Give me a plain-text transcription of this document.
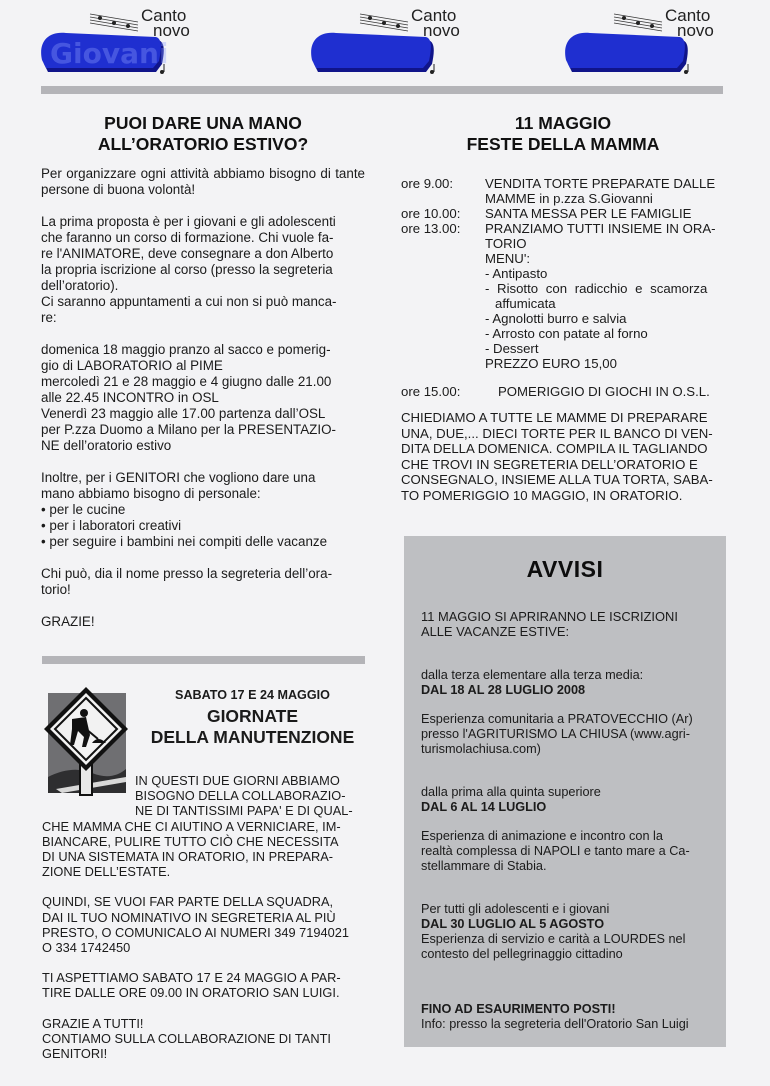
Giovani
Canto
novo
Canto
novo
Canto
novo
PUOI DARE UNA MANO
ALL’ORATORIO ESTIVO?

Per organizzare ogni attività abbiamo bisogno di tante persone di buona volontà!

La prima proposta è per i giovani e gli adolescenti
che faranno un corso di formazione. Chi vuole fa-
re l'ANIMATORE, deve consegnare a don Alberto
la propria iscrizione al corso (presso la segreteria
dell’oratorio).
Ci saranno appuntamenti a cui non si può manca-
re:
domenica 18 maggio pranzo al sacco e pomerig-
gio di LABORATORIO al PIME
mercoledì 21 e 28 maggio e 4 giugno dalle 21.00
alle 22.45 INCONTRO in OSL
Venerdì 23 maggio alle 17.00 partenza dall’OSL
per P.zza Duomo a Milano per la PRESENTAZIO-
NE dell’oratorio estivo
Inoltre, per i GENITORI che vogliono dare una
mano abbiamo bisogno di personale:
• per le cucine
• per i laboratori creativi
• per seguire i bambini nei compiti delle vacanze
Chi può, dia il nome presso la segreteria dell’ora-
torio!
GRAZIE!
11 MAGGIO
FESTE DELLA MAMMA
ore 9.00:	VENDITA TORTE PREPARATE DALLE
MAMME in p.zza S.Giovanni
ore 10.00:	SANTA MESSA PER LE FAMIGLIE
ore 13.00:	PRANZIAMO TUTTI INSIEME IN ORA-
TORIO
MENU':
- Antipasto
- Risotto con radicchio e scamorza
affumicata
- Agnolotti burro e salvia
- Arrosto con patate al forno
- Dessert
PREZZO EURO 15,00
ore 15.00:	POMERIGGIO DI GIOCHI IN O.S.L.
CHIEDIAMO A TUTTE LE MAMME DI PREPARARE
UNA, DUE,... DIECI TORTE PER IL BANCO DI VEN-
DITA DELLA DOMENICA. COMPILA IL TAGLIANDO
CHE TROVI IN SEGRETERIA DELL’ORATORIO E
CONSEGNALO, INSIEME ALLA TUA TORTA, SABA-
TO POMERIGGIO 10 MAGGIO, IN ORATORIO.
SABATO 17 E 24 MAGGIO
GIORNATE
DELLA MANUTENZIONE
IN QUESTI DUE GIORNI ABBIAMO
BISOGNO DELLA COLLABORAZIO-
NE DI TANTISSIMI PAPA' E DI QUAL-
CHE MAMMA CHE CI AIUTINO A VERNICIARE, IM-
BIANCARE, PULIRE TUTTO CIÒ CHE NECESSITA
DI UNA SISTEMATA IN ORATORIO, IN PREPARA-
ZIONE DELL’ESTATE.
QUINDI, SE VUOI FAR PARTE DELLA SQUADRA,
DAI IL TUO NOMINATIVO IN SEGRETERIA AL PIÙ
PRESTO, O COMUNICALO AI NUMERI 349 7194021
O 334 1742450
TI ASPETTIAMO SABATO 17 E 24 MAGGIO A PAR-
TIRE DALLE ORE 09.00 IN ORATORIO SAN LUIGI.
GRAZIE A TUTTI!
CONTIAMO SULLA COLLABORAZIONE DI TANTI
GENITORI!
AVVISI
11 MAGGIO SI APRIRANNO LE ISCRIZIONI
ALLE VACANZE ESTIVE:
dalla terza elementare alla terza media:
DAL 18 AL 28 LUGLIO 2008
Esperienza comunitaria a PRATOVECCHIO (Ar)
presso l'AGRITURISMO LA CHIUSA (www.agri-
turismolachiusa.com)
dalla prima alla quinta superiore
DAL 6 AL 14 LUGLIO
Esperienza di animazione e incontro con la
realtà complessa di NAPOLI e tanto mare a Ca-
stellammare di Stabia.
Per tutti gli adolescenti e i giovani
DAL 30 LUGLIO AL 5 AGOSTO
Esperienza di servizio e carità a LOURDES nel
contesto del pellegrinaggio cittadino
FINO AD ESAURIMENTO POSTI!
Info: presso la segreteria dell'Oratorio San Luigi
